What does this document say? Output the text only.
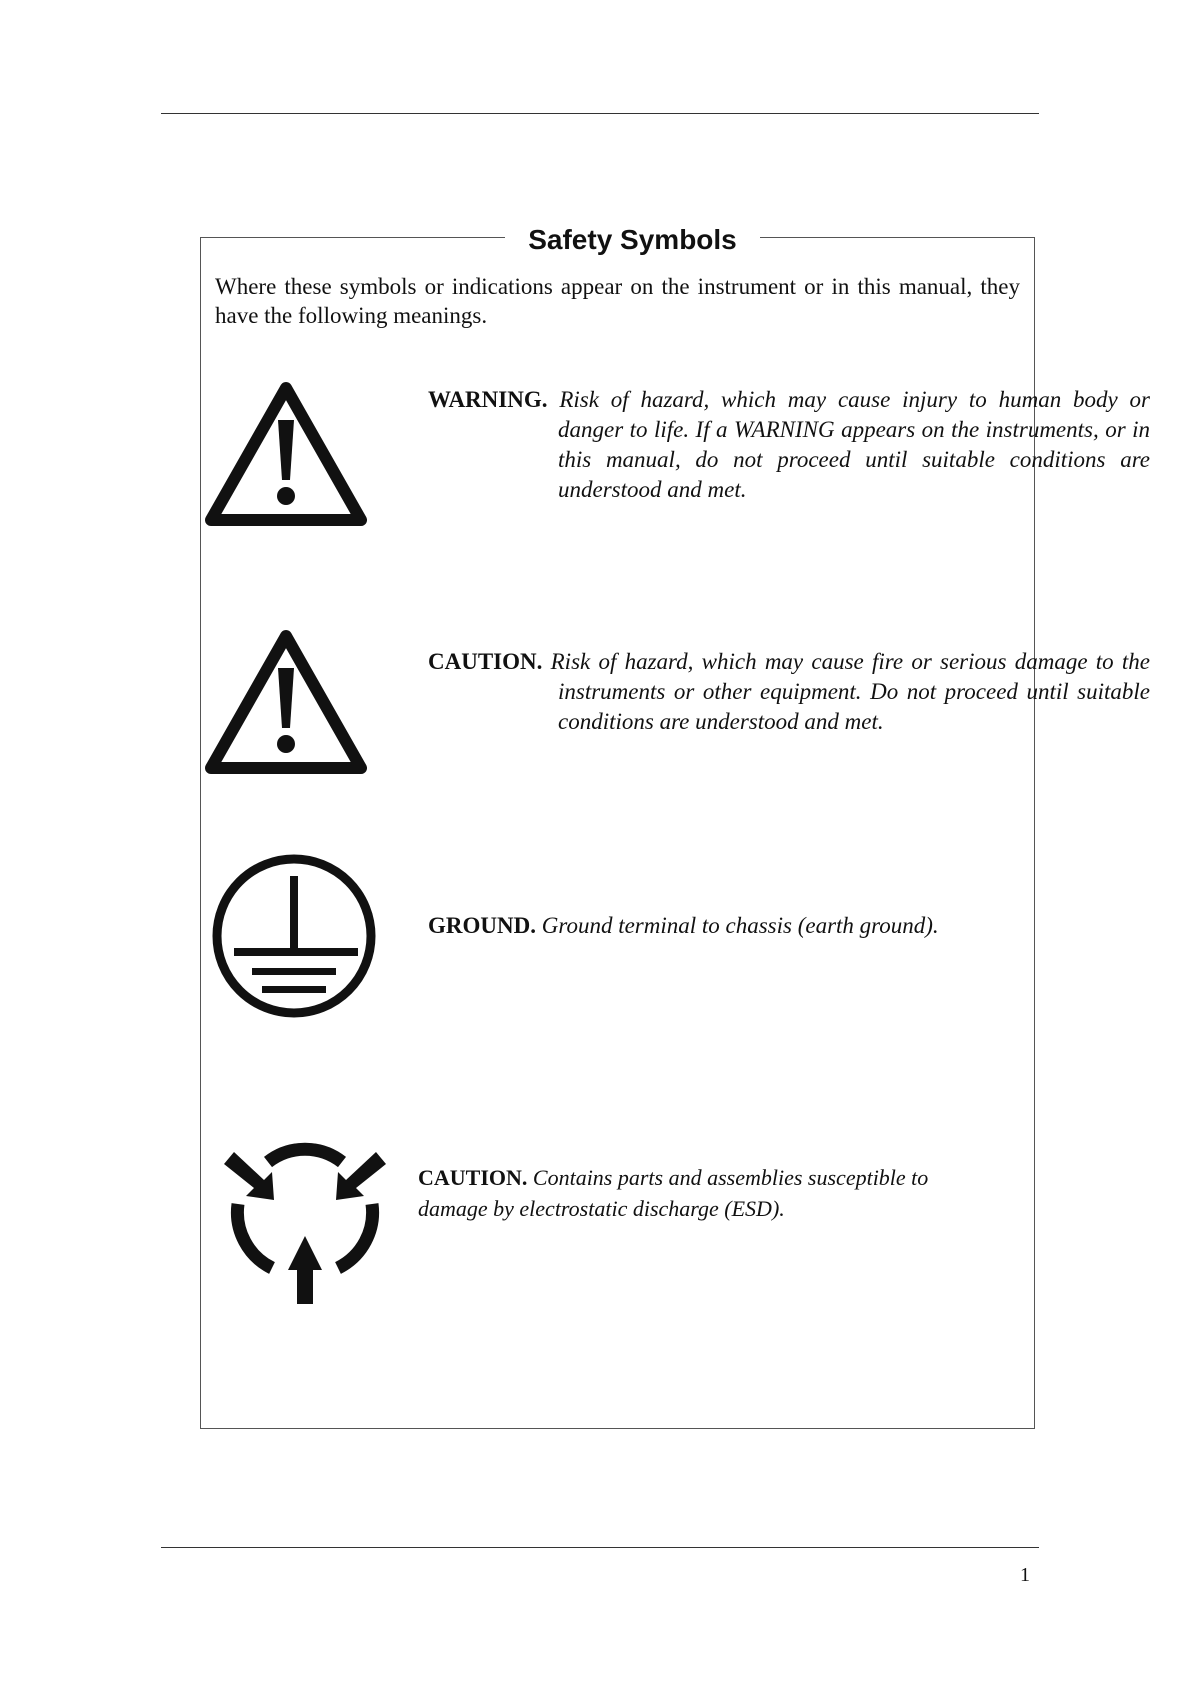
Safety Symbols
Where these symbols or indications appear on the instrument or in this manual, they have the following meanings.
WARNING. Risk of hazard, which may cause injury to human body or danger to life. If a WARNING appears on the instruments, or in this manual, do not proceed until suitable conditions are understood and met.
CAUTION. Risk of hazard, which may cause fire or serious damage to the instruments or other equipment. Do not proceed until suitable conditions are understood and met.
GROUND. Ground terminal to chassis (earth ground).
CAUTION. Contains parts and assemblies susceptible to damage by electrostatic discharge (ESD).
1
